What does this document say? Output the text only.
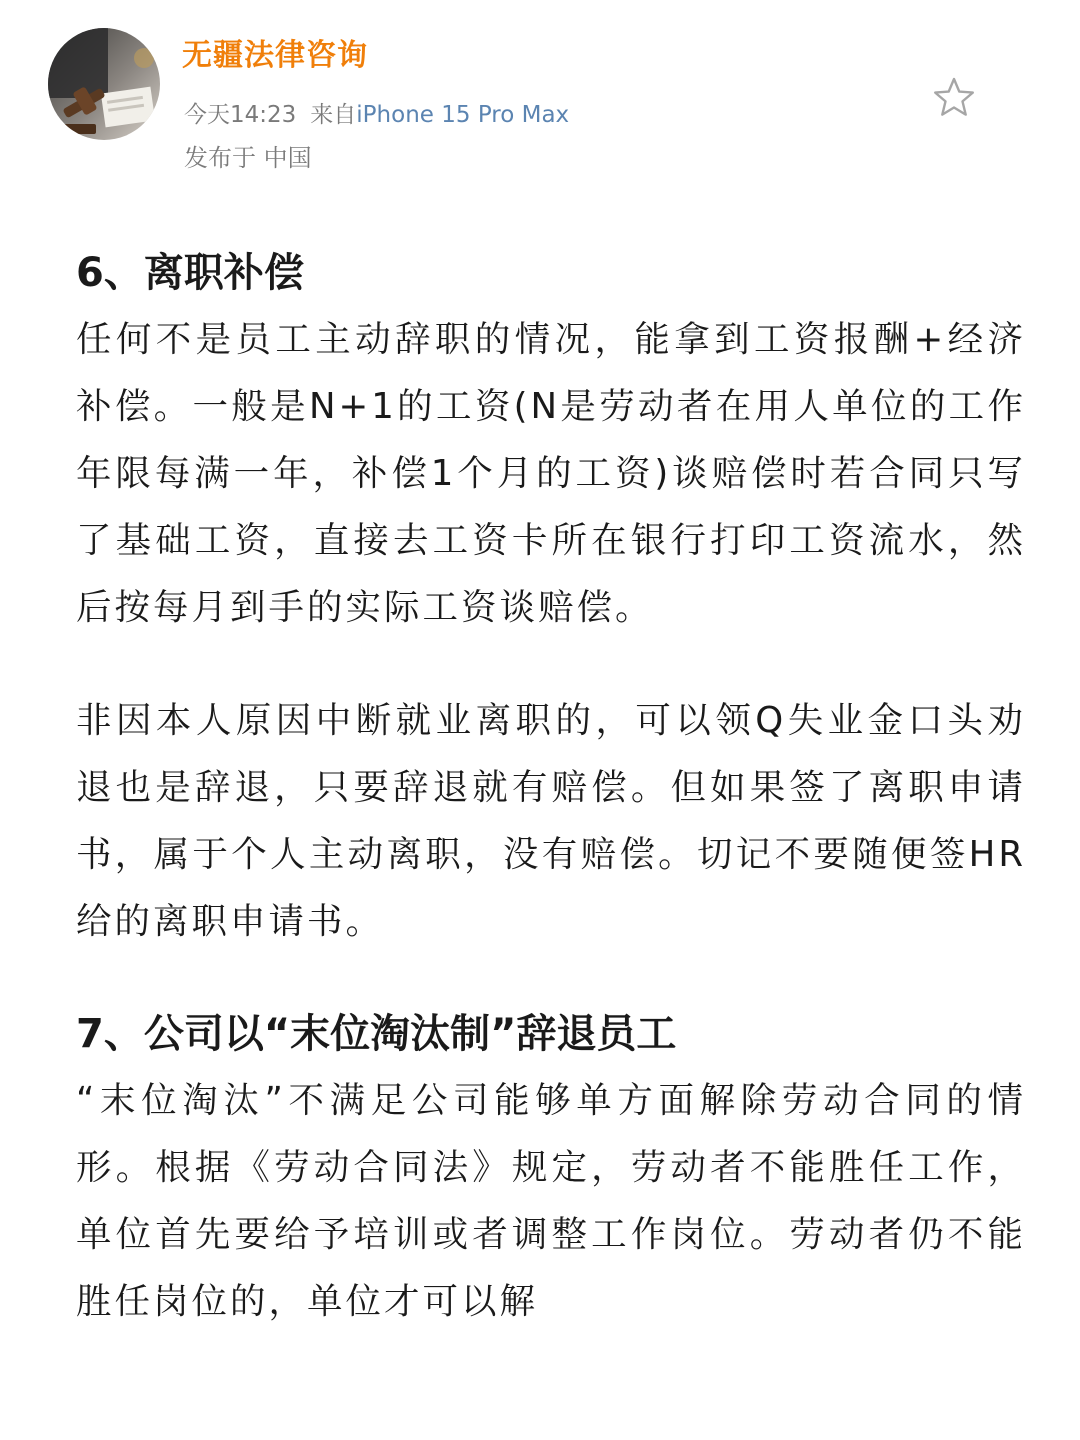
无疆法律咨询
今天14:23 来自iPhone 15 Pro Max
发布于 中国
6、离职补偿

任何不是员工主动辞职的情况，能拿到工资报酬+经济补偿。一般是N+1的工资(N是劳动者在用人单位的工作年限每满一年，补偿1个月的工资)谈赔偿时若合同只写了基础工资，直接去工资卡所在银行打印工资流水，然后按每月到手的实际工资谈赔偿。

非因本人原因中断就业离职的，可以领Q失业金口头劝退也是辞退，只要辞退就有赔偿。但如果签了离职申请书，属于个人主动离职，没有赔偿。切记不要随便签HR给的离职申请书。

7、公司以“末位淘汰制”辞退员工

“末位淘汰”不满足公司能够单方面解除劳动合同的情形。根据《劳动合同法》规定，劳动者不能胜任工作，单位首先要给予培训或者调整工作岗位。劳动者仍不能胜任岗位的，单位才可以解
